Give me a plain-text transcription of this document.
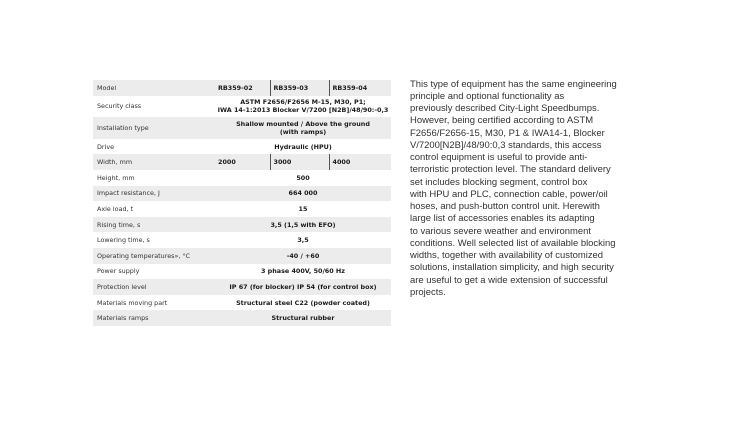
Model	RB359-02	RB359-03	RB359-04
Security class	ASTM F2656/F2656 M-15, M30, P1;
IWA 14-1:2013 Blocker V/7200 [N2B]/48/90:-0,3		

Installation type	Shallow mounted / Above the ground
(with ramps)		

Drive	Hydraulic (HPU)		
Width, mm	2000	3000	4000
Height, mm	500		
Impact resistance, J	664 000		
Axle load, t	15		
Rising time, s	3,5 (1,5 with EFO)		
Lowering time, s	3,5		
Operating temperatures», °C	-40 / +60		
Power supply	3 phase 400V, 50/60 Hz		
Protection level	IP 67 (for blocker) IP 54 (for control box)		
Materials moving part	Structural steel C22 (powder coated)		
Materials ramps	Structural rubber		
This type of equipment has the same engineering
principle and optional functionality as
previously described City-Light Speedbumps.
However, being certified according to ASTM
F2656/F2656-15, M30, P1 & IWA14-1, Blocker
V/7200[N2B]/48/90:0,3 standards, this access
control equipment is useful to provide anti-
terroristic protection level. The standard delivery
set includes blocking segment, control box
with HPU and PLC, connection cable, power/oil
hoses, and push-button control unit. Herewith
large list of accessories enables its adapting
to various severe weather and environment
conditions. Well selected list of available blocking
widths, together with availability of customized
solutions, installation simplicity, and high security
are useful to get a wide extension of successful
projects.
